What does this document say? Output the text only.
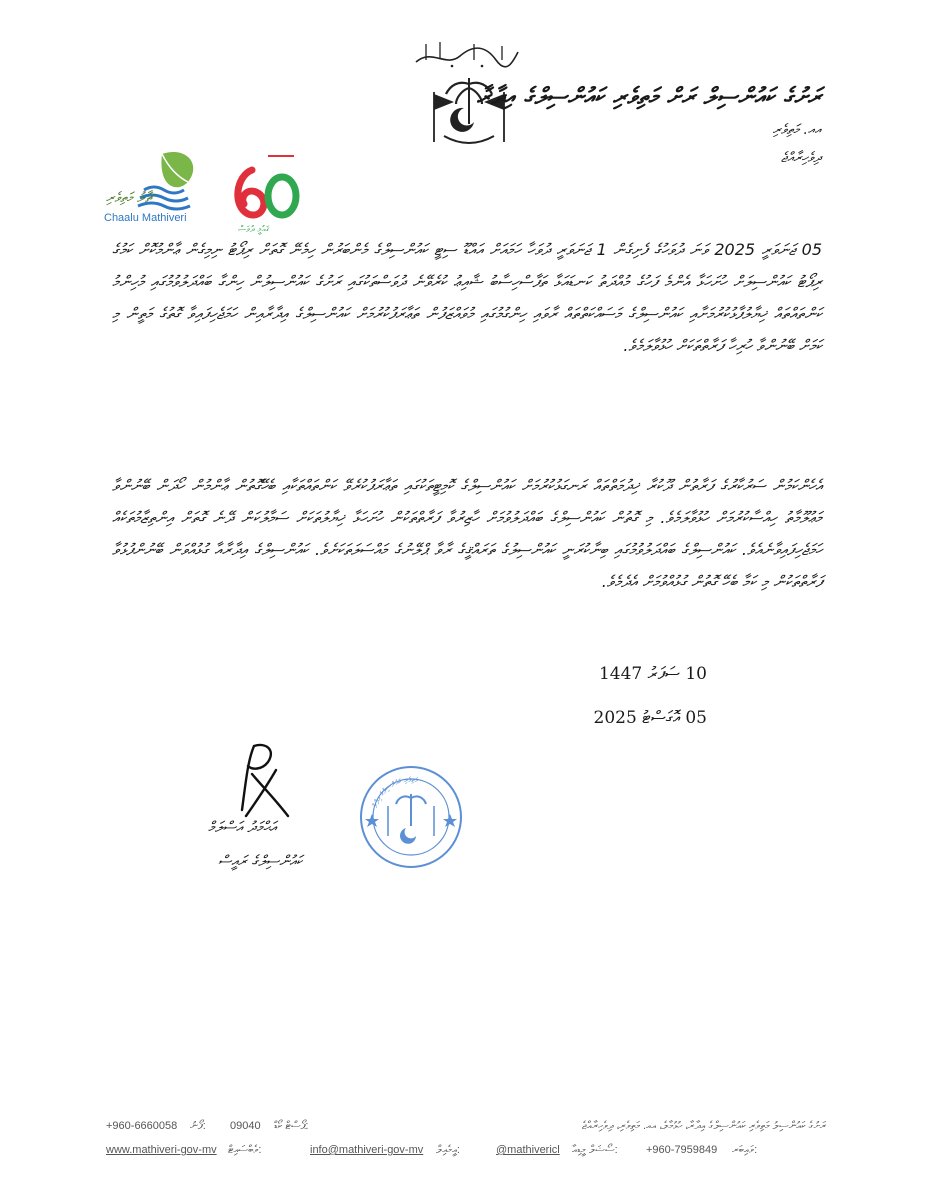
ރަށުގެ ކައުންސިލް ރަށް މަތިވެރި ކައުންސިލްގެ އިދާރާ
އއ. މަތިވެރި
ދިވެހިރާއްޖެ
ޗާލު މަތިވެރި
Chaalu Mathiveri
ޤައުމީ ދުވަސް
05 ޖަނަވަރީ 2025 ވަނަ ދުވަހުގެ ފެށިގެން 1 ޖަނަވަރީ ދުވަހާ ހަމައަށް އައްޑޫ ސިޓީ ކައުންސިލްގެ މެންބަރުން ހިމެނޭ ގޮތަށް ރިޕޯޓު ނިމިގެން ޢާންމުކޮށް ކަމުގެ ރިޕޯޓު ކައުންސިލަށް ހުށަހަޅާ އެންމެ ފަހުގެ މުއްދަތު ކަނޑައަޅާ ތަފާސްހިސާބު ޝާއިޢު ކުރެވޭނެ ދުވަސްތަކުގައި ރަށުގެ ކައުންސިލުން ހިންގާ ބައްދަލުވުމުގައި މުހިންމު ކަންތައްތައް ޚިޔާލުފާޅުކުރުމަށާއި ކައުންސިލްގެ މަސައްކަތްތައް ރާވައި ހިންގުމުގައި މުވައްޒަފުން ތަޢާރަފުކުރުމަށް ކައުންސިލްގެ އިދާރާއިން ހަމަޖެހިފައިވާ ގޮތުގެ މަތީން މި ކަމަށް ބޭނުންވާ ހުރިހާ ފަރާތްތަކަށް ހުޅުވާލަމެވެ.
އެހެންކަމުން ސަރުކާރުގެ ފަރާތުން ދޫކުރާ ޚިދުމަތްތައް ރަނގަޅުކުރުމަށް ކައުންސިލްގެ ކޮމިޓީތަކުގައި ތަޢާރަފުކުރެވޭ ކަންތައްތަކާއި ބެހޭގޮތުން ޢާންމުން ހޯދަން ބޭނުންވާ މަޢުލޫމާތު ހިއްސާކުރުމަށް ހުޅުވާލަމެވެ. މި ގޮތުން ކައުންސިލްގެ ބައްދަލުވުމަށް ހާޒިރުވާ ފަރާތްތަކުން ހުށަހަޅާ ޚިޔާލުތަކަށް ސަމާލުކަން ދޭނެ ގޮތަށް އިންތިޒާމުތަކެއް ހަމަޖެހިފައިވާނެއެވެ. ކައުންސިލްގެ ބައްދަލުވުމުގައި ބިނާކުރަނީ ކައުންސިލުގެ ތަރައްޤީގެ ރާވާ ޕްލޭނުގެ މައްސަލަތަކަށެވެ. ކައުންސިލްގެ އިދާރާއާ ގުޅުއްވަން ބޭނުންފުޅުވާ ފަރާތްތަކުން މި ކަމާ ބެހޭ ގޮތުން ގުޅުއްވުމަށް އެދެމެވެ.
10 ސަފަރު 1447
05 އޮގަސްޓު 2025
އަޙްމަދު އަސްލަމް
ކައުންސިލްގެ ރައީސް
މަތިވެރި ކައުންސިލްގެ އިދާރާ
+960-6660058 ފޯނު: 09040 ޕޯސްޓް ކޯޑް:	ރަށުގެ ކައުންސިލު މަތިވެރި ކައުންސިލްގެ އިދާރާ، ހުޅުމާލެ، އއ. މަތިވެރި، ދިވެހިރާއްޖެ
www.mathiveri-gov-mv ވެބްސައިޓް:	info@mathiveri-gov-mv އީމެއިލް:	@mathivericl ސޯޝަލް މީޑިއާ:	+960-7959849 ވައިބަރ:
